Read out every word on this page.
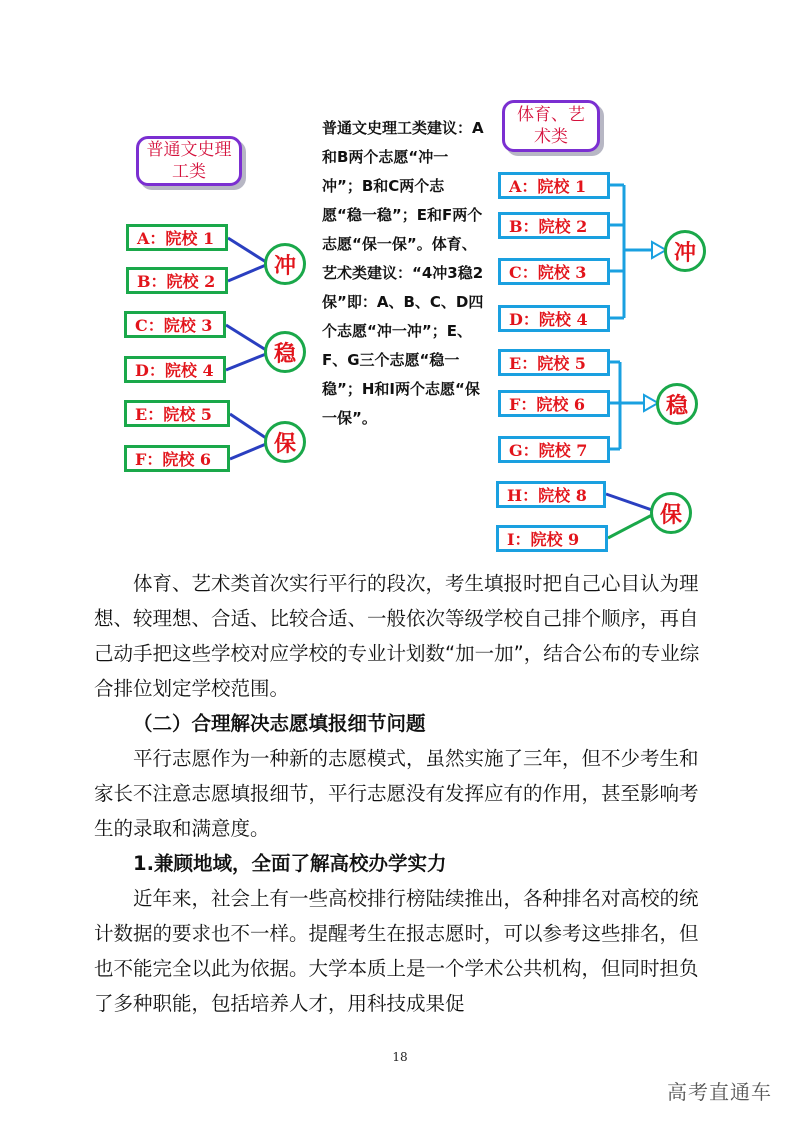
普通文史理工类
体育、艺术类
A：院校 1
B：院校 2
C：院校 3
D：院校 4
E：院校 5
F：院校 6
冲
稳
保
普通文史理工类建议：A和B两个志愿“冲一冲”；B和C两个志愿“稳一稳”；E和F两个志愿“保一保”。体育、艺术类建议：“4冲3稳2保”即：A、B、C、D四个志愿“冲一冲”；E、F、G三个志愿“稳一稳”；H和I两个志愿“保一保”。
A：院校 1
B：院校 2
C：院校 3
D：院校 4
E：院校 5
F：院校 6
G：院校 7
H：院校 8
I：院校 9
冲
稳
保
体育、艺术类首次实行平行的段次，考生填报时把自己心目认为理想、较理想、合适、比较合适、一般依次等级学校自己排个顺序，再自己动手把这些学校对应学校的专业计划数“加一加”，结合公布的专业综合排位划定学校范围。
（二）合理解决志愿填报细节问题
平行志愿作为一种新的志愿模式，虽然实施了三年，但不少考生和家长不注意志愿填报细节，平行志愿没有发挥应有的作用，甚至影响考生的录取和满意度。
1.兼顾地域，全面了解高校办学实力
近年来，社会上有一些高校排行榜陆续推出，各种排名对高校的统计数据的要求也不一样。提醒考生在报志愿时，可以参考这些排名，但也不能完全以此为依据。大学本质上是一个学术公共机构，但同时担负了多种职能，包括培养人才，用科技成果促
18
高考直通车
